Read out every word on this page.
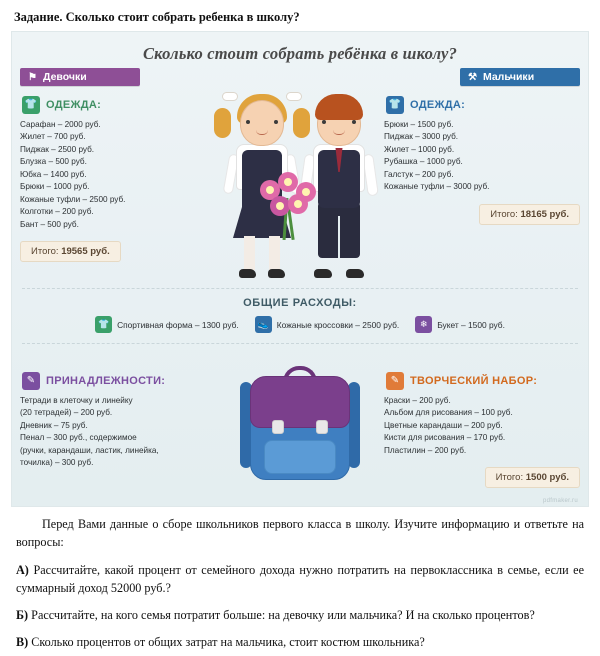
Задание. Сколько стоит собрать ребенка в школу?
Сколько стоит собрать ребёнка в школу?
⚑ Девочки
👕 ОДЕЖДА:
Сарафан – 2000 руб.
Жилет – 700 руб.
Пиджак – 2500 руб.
Блузка – 500 руб.
Юбка – 1400 руб.
Брюки – 1000 руб.
Кожаные туфли – 2500 руб.
Колготки – 200 руб.
Бант – 500 руб.
Итого: 19565 руб.
⚒ Мальчики
👕 ОДЕЖДА:
Брюки – 1500 руб.
Пиджак – 3000 руб.
Жилет – 1000 руб.
Рубашка – 1000 руб.
Галстук – 200 руб.
Кожаные туфли – 3000 руб.
Итого: 18165 руб.
ОБЩИЕ РАСХОДЫ:
👕 Спортивная форма – 1300 руб.	👟 Кожаные кроссовки – 2500 руб.	❄	Букет – 1500 руб.
✎ ПРИНАДЛЕЖНОСТИ:
Тетради в клеточку и линейку
(20 тетрадей) – 200 руб.
Дневник – 75 руб.
Пенал – 300 руб., содержимое
(ручки, карандаши, ластик, линейка,
точилка) – 300 руб.
✎ ТВОРЧЕСКИЙ НАБОР:
Краски – 200 руб.
Альбом для рисования – 100 руб.
Цветные карандаши – 200 руб.
Кисти для рисования – 170 руб.
Пластилин – 200 руб.
Итого: 1500 руб.
pdfmaker.ru
Перед Вами данные о сборе школьников первого класса в школу. Изучите информацию и ответьте на вопросы:
А) Рассчитайте, какой процент от семейного дохода нужно потратить на первоклассника в семье, если ее суммарный доход 52000 руб.?
Б) Рассчитайте, на кого семья потратит больше: на девочку или мальчика? И на сколько процентов?
В) Сколько процентов от общих затрат на мальчика, стоит костюм школьника?
